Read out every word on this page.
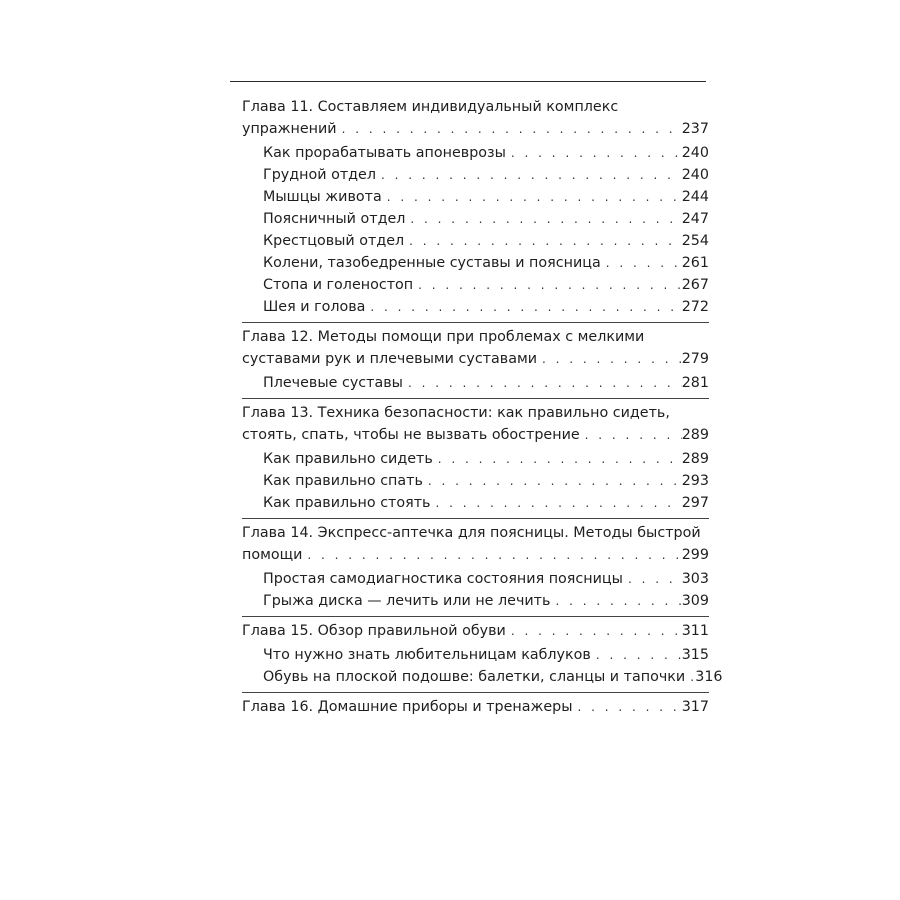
Глава 11. Составляем индивидуальный комплекс
упражнений . . .	237
Как прорабатывать апоневрозы . . .	240
Грудной отдел . . .	240
Мышцы живота . . .	244
Поясничный отдел . . .	247
Крестцовый отдел . . .	254
Колени, тазобедренные суставы и поясница . . .	261
Стопа и голеностоп . . .	267
Шея и голова . . .	272
Глава 12. Методы помощи при проблемах с мелкими
суставами рук и плечевыми суставами . . .	279
Плечевые суставы . . .	281
Глава 13. Техника безопасности: как правильно сидеть,
стоять, спать, чтобы не вызвать обострение . . .	289
Как правильно сидеть . . .	289
Как правильно спать . . .	293
Как правильно стоять . . .	297
Глава 14. Экспресс-аптечка для поясницы. Методы быстрой
помощи . . .	299
Простая самодиагностика состояния поясницы . . .	303
Грыжа диска — лечить или не лечить . . .	309
Глава 15. Обзор правильной обуви . . .	311
Что нужно знать любительницам каблуков . . .	315
Обувь на плоской подошве: балетки, сланцы и тапочки . . . 316
Глава 16. Домашние приборы и тренажеры . . .	317
